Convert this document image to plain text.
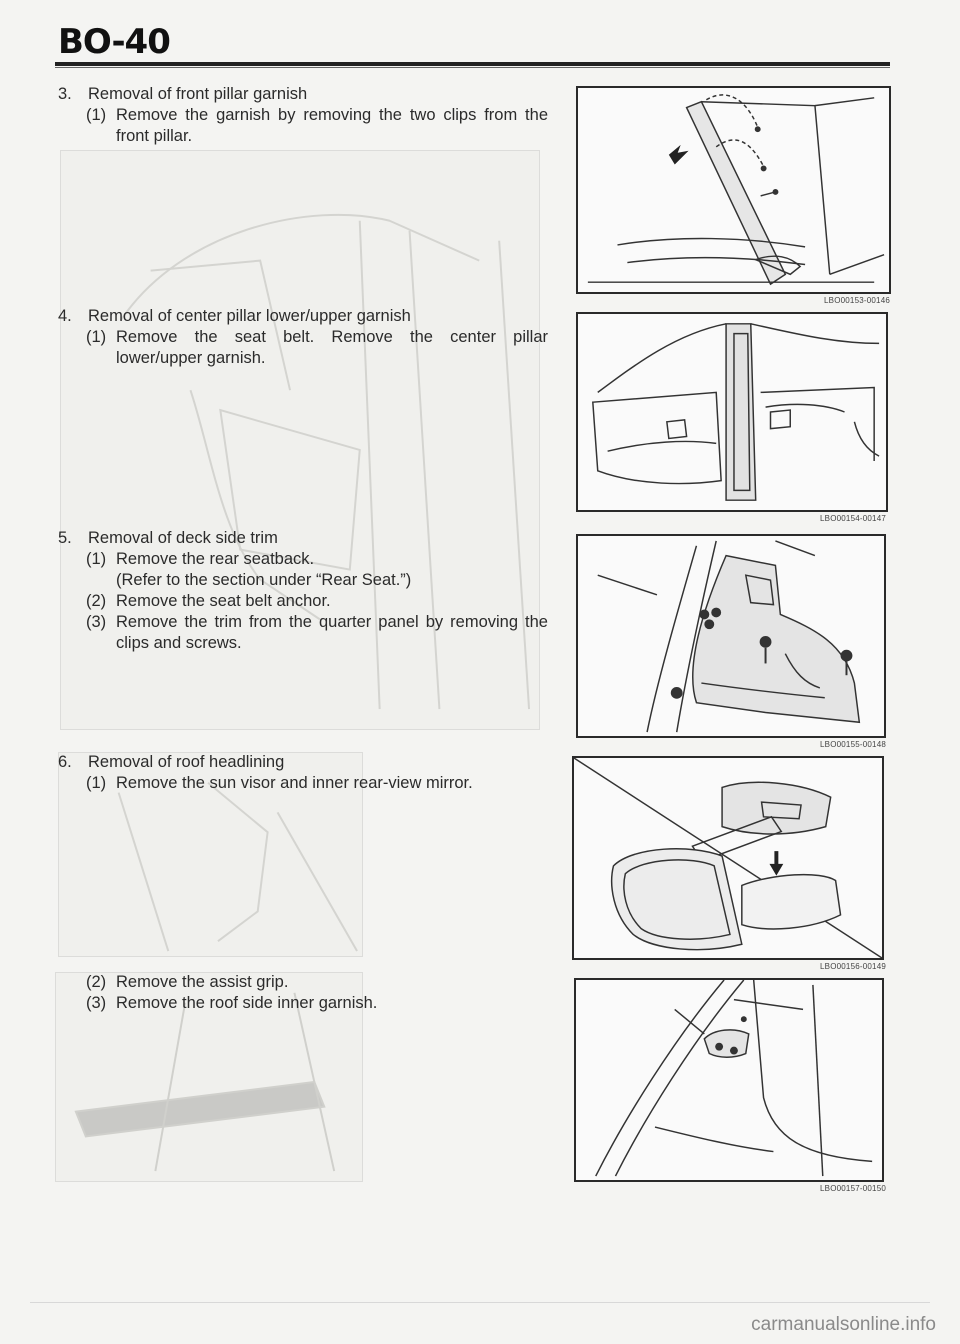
BO-40
3. Removal of front pillar garnish
(1) Remove the garnish by removing the two clips from the front pillar.
4. Removal of center pillar lower/upper garnish
(1) Remove the seat belt. Remove the center pillar lower/upper garnish.
5. Removal of deck side trim
(1) Remove the rear seatback.
(Refer to the section under “Rear Seat.”)
(2) Remove the seat belt anchor.
(3) Remove the trim from the quarter panel by removing the clips and screws.
6. Removal of roof headlining
(1) Remove the sun visor and inner rear-view mirror.
(2) Remove the assist grip.
(3) Remove the roof side inner garnish.
LBO00153-00146
LBO00154-00147
LBO00155-00148
LBO00156-00149
LBO00157-00150
carmanualsonline.info
